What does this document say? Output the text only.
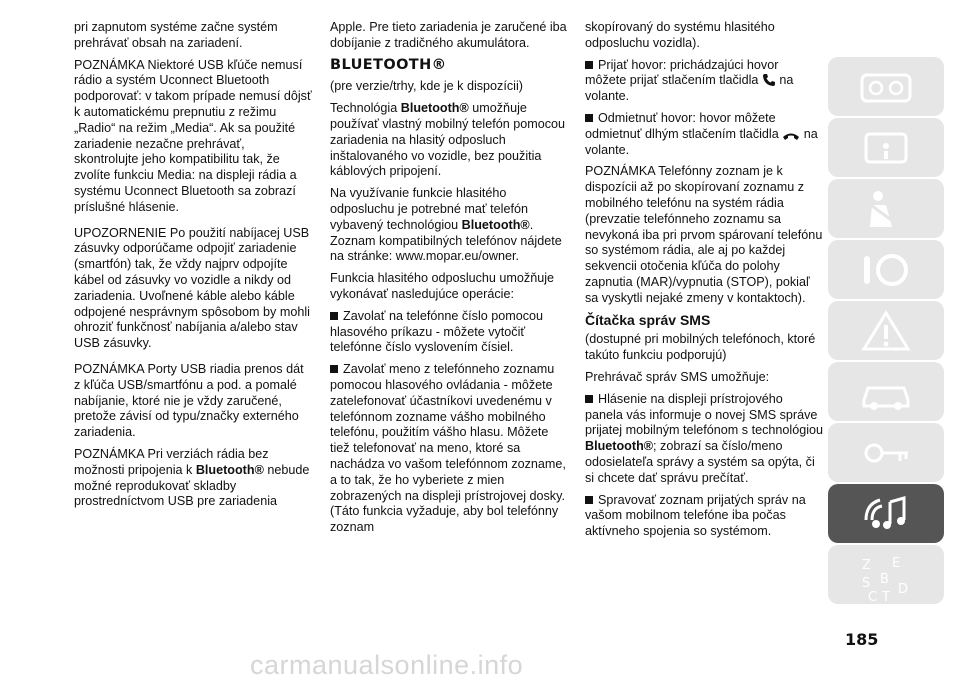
pri zapnutom systéme začne systém prehrávať obsah na zariadení.

POZNÁMKA Niektoré USB kľúče nemusí rádio a systém Uconnect Bluetooth podporovať: v takom prípade nemusí dôjsť k automatickému prepnutiu z režimu „Radio“ na režim „Media“. Ak sa použité zariadenie nezačne prehrávať, skontrolujte jeho kompatibilitu tak, že zvolíte funkciu Media: na displeji rádia a systému Uconnect Bluetooth sa zobrazí príslušné hlásenie.

UPOZORNENIE Po použití nabíjacej USB zásuvky odporúčame odpojiť zariadenie (smartfón) tak, že vždy najprv odpojíte kábel od zásuvky vo vozidle a nikdy od zariadenia. Uvoľnené káble alebo káble odpojené nesprávnym spôsobom by mohli ohroziť funkčnosť nabíjania a/alebo stav USB zásuvky.

POZNÁMKA Porty USB riadia prenos dát z kľúča USB/smartfónu a pod. a pomalé nabíjanie, ktoré nie je vždy zaručené, pretože závisí od typu/značky externého zariadenia.

POZNÁMKA Pri verziách rádia bez možnosti pripojenia k Bluetooth® nebude možné reprodukovať skladby prostredníctvom USB pre zariadenia

Apple. Pre tieto zariadenia je zaručené iba dobíjanie z tradičného akumulátora.

BLUETOOTH®

(pre verzie/trhy, kde je k dispozícii)

Technológia Bluetooth® umožňuje používať vlastný mobilný telefón pomocou zariadenia na hlasitý odposluch inštalovaného vo vozidle, bez použitia káblových pripojení.

Na využívanie funkcie hlasitého odposluchu je potrebné mať telefón vybavený technológiou Bluetooth®. Zoznam kompatibilných telefónov nájdete na stránke: www.mopar.eu/owner.

Funkcia hlasitého odposluchu umožňuje vykonávať nasledujúce operácie:

Zavolať na telefónne číslo pomocou hlasového príkazu - môžete vytočiť telefónne číslo vyslovením čísiel.

Zavolať meno z telefónneho zoznamu pomocou hlasového ovládania - môžete zatelefonovať účastníkovi uvedenému v telefónnom zozname vášho mobilného telefónu, použitím vášho hlasu. Môžete tiež telefonovať na meno, ktoré sa nachádza vo vašom telefónnom zozname, a to tak, že ho vyberiete z mien zobrazených na displeji prístrojovej dosky. (Táto funkcia vyžaduje, aby bol telefónny zoznam

skopírovaný do systému hlasitého odposluchu vozidla).

Prijať hovor: prichádzajúci hovor môžete prijať stlačením tlačidla na volante.

Odmietnuť hovor: hovor môžete odmietnuť dlhým stlačením tlačidla na volante.

POZNÁMKA Telefónny zoznam je k dispozícii až po skopírovaní zoznamu z mobilného telefónu na systém rádia (prevzatie telefónneho zoznamu sa nevykoná iba pri prvom spárovaní telefónu so systémom rádia, ale aj po každej sekvencii otočenia kľúča do polohy zapnutia (MAR)/vypnutia (STOP), pokiaľ sa vyskytli nejaké zmeny v kontaktoch).

Čítačka správ SMS

(dostupné pri mobilných telefónoch, ktoré takúto funkciu podporujú)

Prehrávač správ SMS umožňuje:

Hlásenie na displeji prístrojového panela vás informuje o novej SMS správe prijatej mobilným telefónom s technológiou Bluetooth®; zobrazí sa číslo/meno odosielateľa správy a systém sa opýta, či si chcete dať správu prečítať.

Spravovať zoznam prijatých správ na vašom mobilnom telefóne iba počas aktívneho spojenia so systémom.

Z E
B
S
C T
D
185
carmanualsonline.info
